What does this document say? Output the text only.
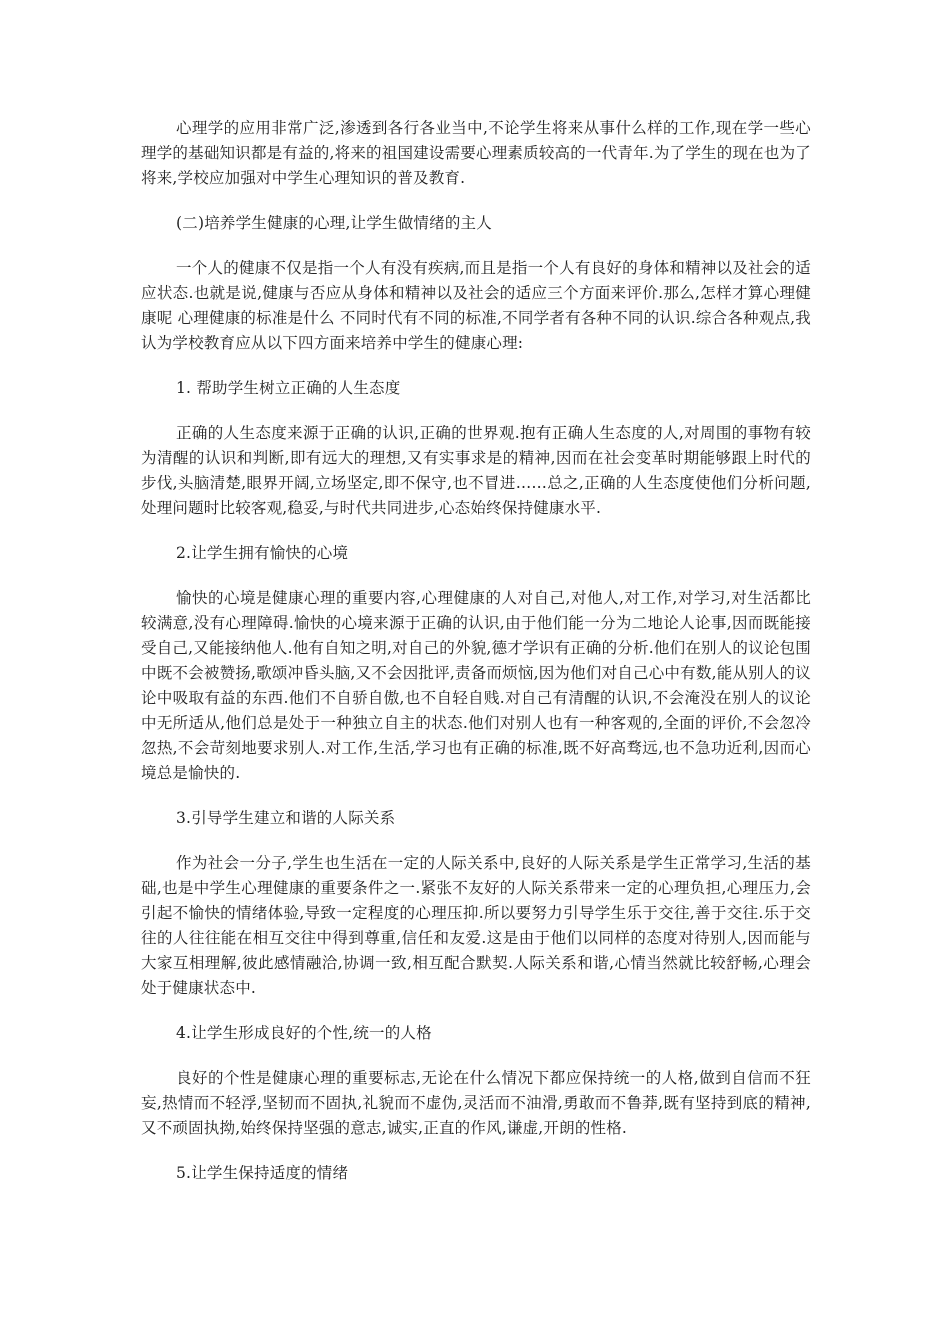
心理学的应用非常广泛,渗透到各行各业当中,不论学生将来从事什么样的工作,现在学一些心理学的基础知识都是有益的,将来的祖国建设需要心理素质较高的一代青年.为了学生的现在也为了将来,学校应加强对中学生心理知识的普及教育.

(二)培养学生健康的心理,让学生做情绪的主人

一个人的健康不仅是指一个人有没有疾病,而且是指一个人有良好的身体和精神以及社会的适应状态.也就是说,健康与否应从身体和精神以及社会的适应三个方面来评价.那么,怎样才算心理健康呢 心理健康的标准是什么 不同时代有不同的标准,不同学者有各种不同的认识.综合各种观点,我认为学校教育应从以下四方面来培养中学生的健康心理:

1. 帮助学生树立正确的人生态度

正确的人生态度来源于正确的认识,正确的世界观.抱有正确人生态度的人,对周围的事物有较为清醒的认识和判断,即有远大的理想,又有实事求是的精神,因而在社会变革时期能够跟上时代的步伐,头脑清楚,眼界开阔,立场坚定,即不保守,也不冒进……总之,正确的人生态度使他们分析问题,处理问题时比较客观,稳妥,与时代共同进步,心态始终保持健康水平.

2.让学生拥有愉快的心境

愉快的心境是健康心理的重要内容,心理健康的人对自己,对他人,对工作,对学习,对生活都比较满意,没有心理障碍.愉快的心境来源于正确的认识,由于他们能一分为二地论人论事,因而既能接受自己,又能接纳他人.他有自知之明,对自己的外貌,德才学识有正确的分析.他们在别人的议论包围中既不会被赞扬,歌颂冲昏头脑,又不会因批评,责备而烦恼,因为他们对自己心中有数,能从别人的议论中吸取有益的东西.他们不自骄自傲,也不自轻自贱.对自己有清醒的认识,不会淹没在别人的议论中无所适从,他们总是处于一种独立自主的状态.他们对别人也有一种客观的,全面的评价,不会忽冷忽热,不会苛刻地要求别人.对工作,生活,学习也有正确的标准,既不好高骛远,也不急功近利,因而心境总是愉快的.

3.引导学生建立和谐的人际关系

作为社会一分子,学生也生活在一定的人际关系中,良好的人际关系是学生正常学习,生活的基础,也是中学生心理健康的重要条件之一.紧张不友好的人际关系带来一定的心理负担,心理压力,会引起不愉快的情绪体验,导致一定程度的心理压抑.所以要努力引导学生乐于交往,善于交往.乐于交往的人往往能在相互交往中得到尊重,信任和友爱.这是由于他们以同样的态度对待别人,因而能与大家互相理解,彼此感情融洽,协调一致,相互配合默契.人际关系和谐,心情当然就比较舒畅,心理会处于健康状态中.

4.让学生形成良好的个性,统一的人格

良好的个性是健康心理的重要标志,无论在什么情况下都应保持统一的人格,做到自信而不狂妄,热情而不轻浮,坚韧而不固执,礼貌而不虚伪,灵活而不油滑,勇敢而不鲁莽,既有坚持到底的精神,又不顽固执拗,始终保持坚强的意志,诚实,正直的作风,谦虚,开朗的性格.

5.让学生保持适度的情绪
